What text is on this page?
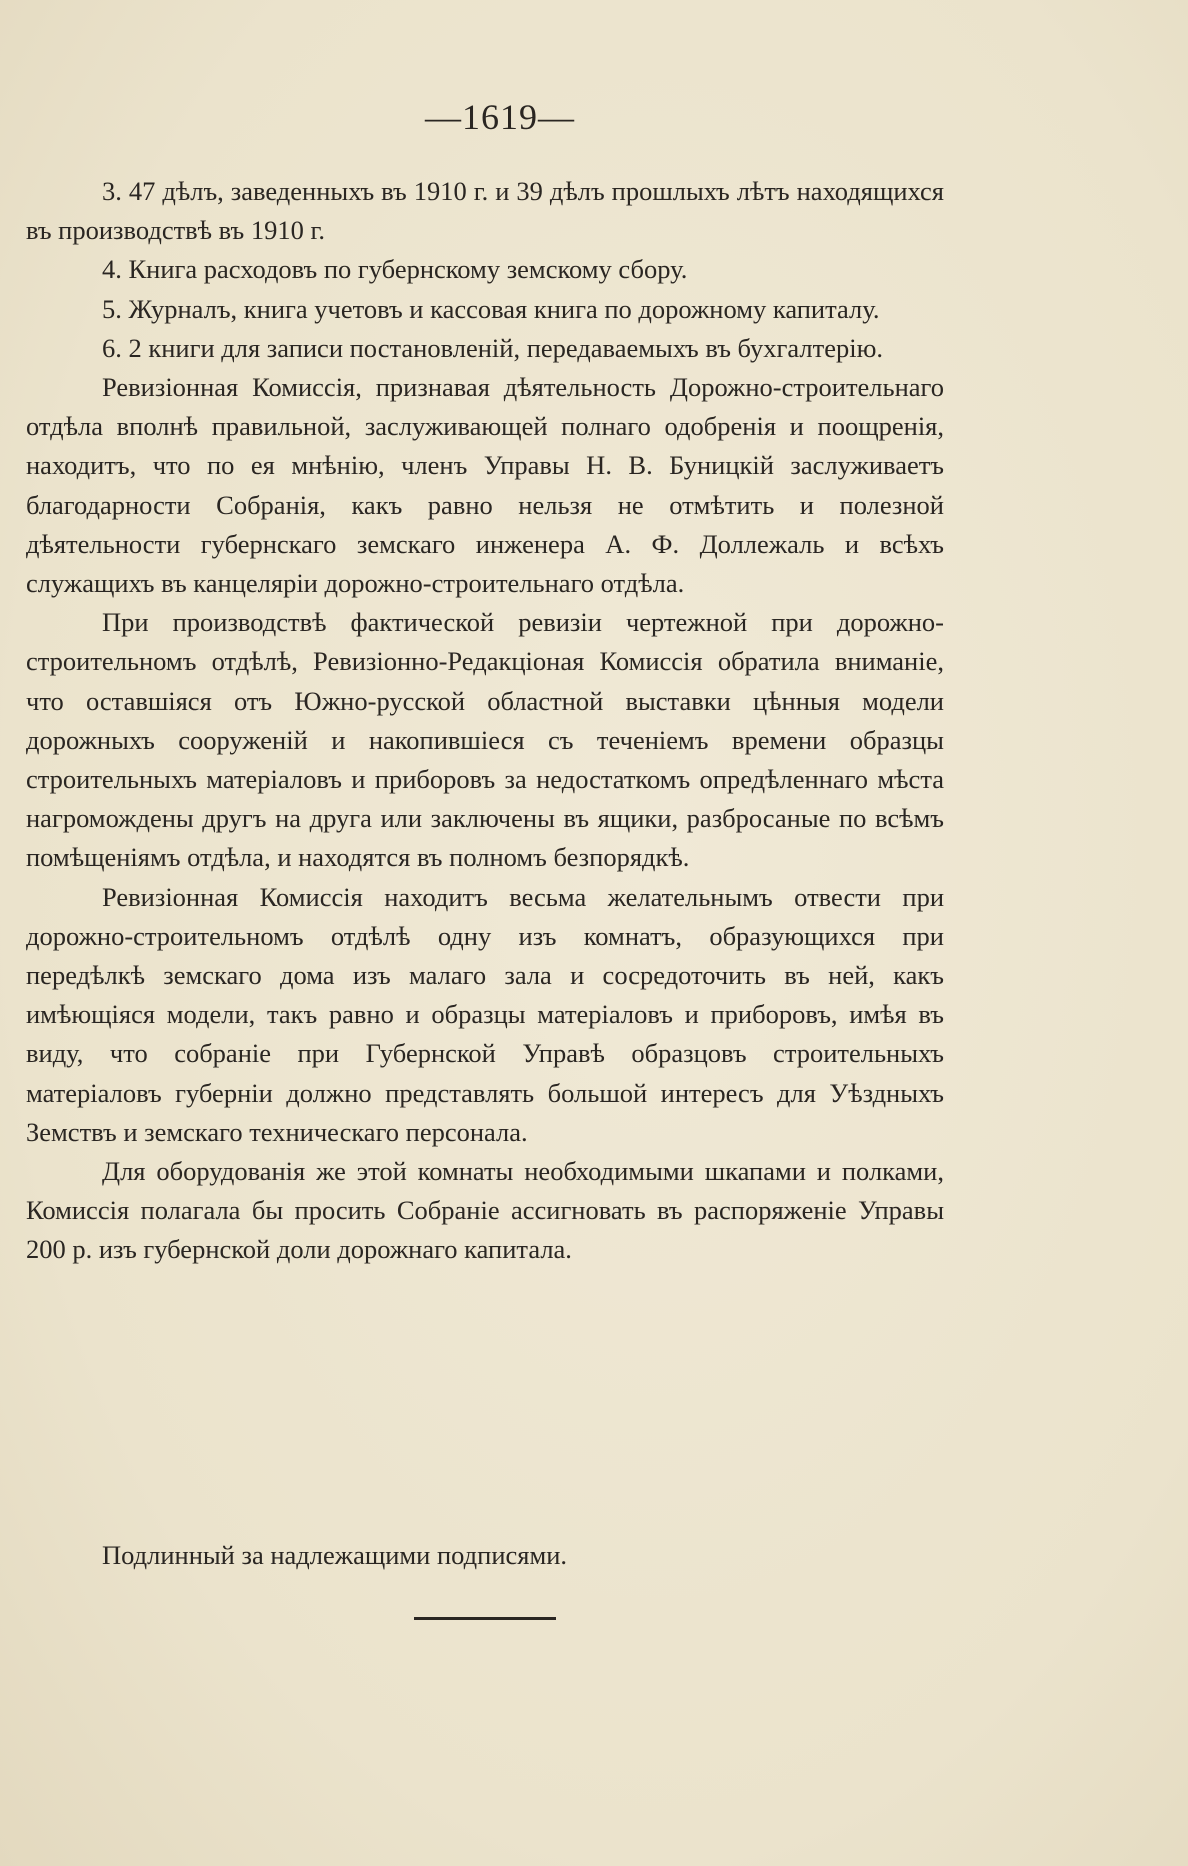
—1619—

3. 47 дѣлъ, заведенныхъ въ 1910 г. и 39 дѣлъ прошлыхъ лѣтъ находящихся въ производствѣ въ 1910 г.

4. Книга расходовъ по губернскому земскому сбору.

5. Журналъ, книга учетовъ и кассовая книга по дорожному капиталу.

6. 2 книги для записи постановленій, передаваемыхъ въ бухгалтерію.

Ревизіонная Комиссія, признавая дѣятельность Дорожно-строительнаго отдѣла вполнѣ правильной, заслуживающей полнаго одобренія и поощренія, находитъ, что по ея мнѣнію, членъ Управы Н. В. Буницкій заслуживаетъ благодарности Собранія, какъ равно нельзя не отмѣтить и полезной дѣятельности губернскаго земскаго инженера А. Ф. Доллежаль и всѣхъ служащихъ въ канцеляріи дорожно-строительнаго отдѣла.

При производствѣ фактической ревизіи чертежной при дорожно-строительномъ отдѣлѣ, Ревизіонно-Редакціоная Комиссія обратила вниманіе, что оставшіяся отъ Южно-русской областной выставки цѣнныя модели дорожныхъ сооруженій и накопившіеся съ теченіемъ времени образцы строительныхъ матеріаловъ и приборовъ за недостаткомъ опредѣленнаго мѣста нагромождены другъ на друга или заключены въ ящики, разбросаные по всѣмъ помѣщеніямъ отдѣла, и находятся въ полномъ безпорядкѣ.

Ревизіонная Комиссія находитъ весьма желательнымъ отвести при дорожно-строительномъ отдѣлѣ одну изъ комнатъ, образующихся при передѣлкѣ земскаго дома изъ малаго зала и сосредоточить въ ней, какъ имѣющіяся модели, такъ равно и образцы матеріаловъ и приборовъ, имѣя въ виду, что собраніе при Губернской Управѣ образцовъ строительныхъ матеріаловъ губерніи должно представлять большой интересъ для Уѣздныхъ Земствъ и земскаго техническаго персонала.

Для оборудованія же этой комнаты необходимыми шкапами и полками, Комиссія полагала бы просить Собраніе ассигновать въ распоряженіе Управы 200 р. изъ губернской доли дорожнаго капитала.

Подлинный за надлежащими подписями.
